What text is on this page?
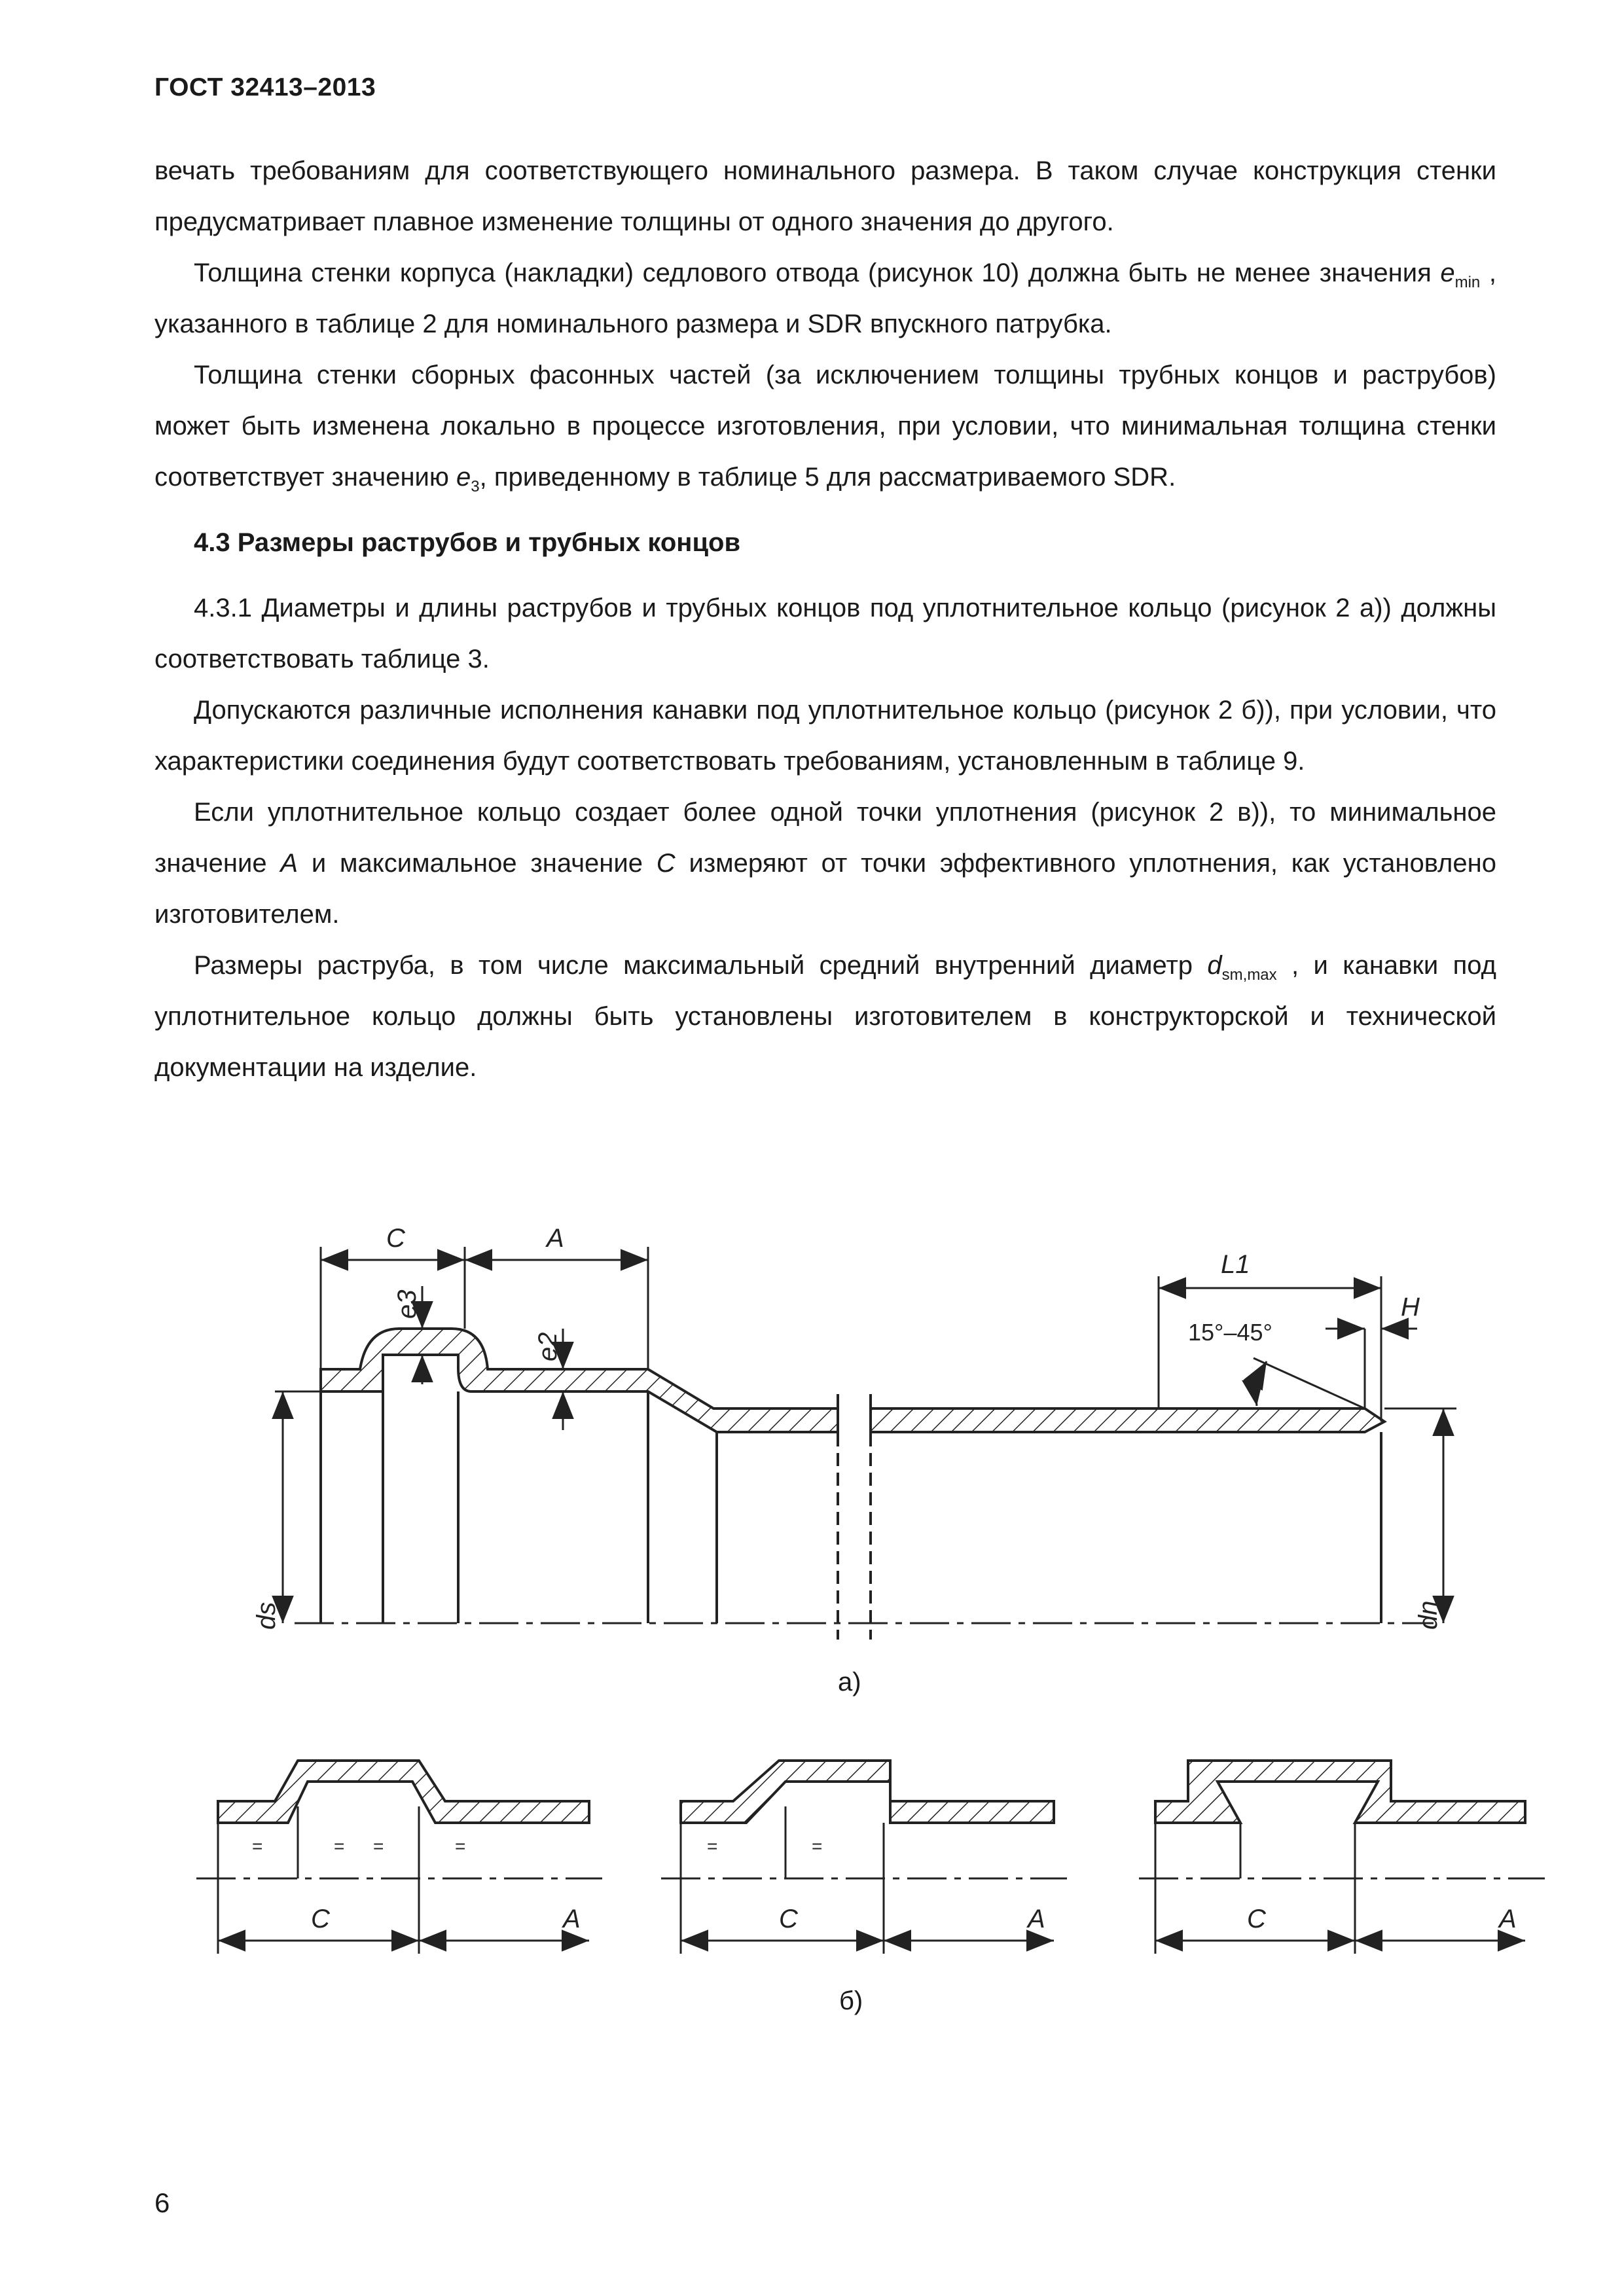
ГОСТ 32413–2013

вечать требованиям для соответствующего номинального размера. В таком случае конструкция стенки предусматривает плавное изменение толщины от одного значения до другого.

Толщина стенки корпуса (накладки) седлового отвода (рисунок 10) должна быть не менее значения $e_{min}$ , указанного в таблице 2 для номинального размера и SDR впускного патрубка.

Толщина стенки сборных фасонных частей (за исключением толщины трубных концов и раструбов) может быть изменена локально в процессе изготовления, при условии, что минимальная толщина стенки соответствует значению $e_3$, приведенному в таблице 5 для рассматриваемого SDR.

4.3 Размеры раструбов и трубных концов

4.3.1 Диаметры и длины раструбов и трубных концов под уплотнительное кольцо (рисунок 2 а)) должны соответствовать таблице 3.

Допускаются различные исполнения канавки под уплотнительное кольцо (рисунок 2 б)), при условии, что характеристики соединения будут соответствовать требованиям, установленным в таблице 9.

Если уплотнительное кольцо создает более одной точки уплотнения (рисунок 2 в)), то минимальное значение A и максимальное значение C измеряют от точки эффективного уплотнения, как установлено изготовителем.

Размеры раструба, в том числе максимальный средний внутренний диаметр $d_{sm,max}$ , и канавки под уплотнительное кольцо должны быть установлены изготовителем в конструкторской и технической документации на изделие.

C	A
e3
e2
L1
H
15°–45°
ds	dn
а)
C	A	C	A	C	A
=	= =	=	=	=
б)
6
